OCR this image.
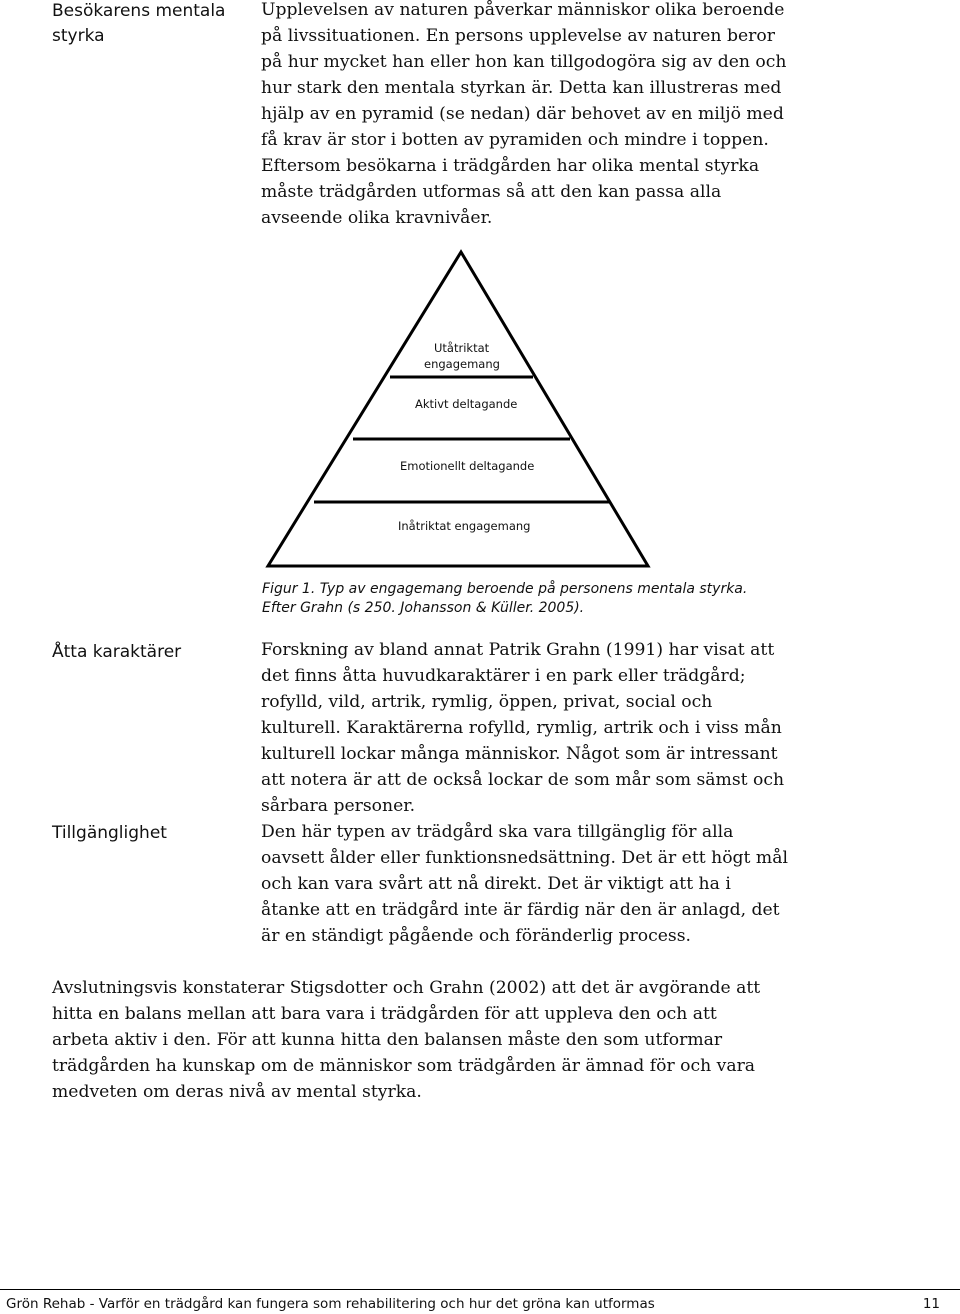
Besökarens mentala styrka

Upplevelsen av naturen påverkar människor olika beroende på livssituationen. En persons upplevelse av naturen beror på hur mycket han eller hon kan tillgodogöra sig av den och hur stark den mentala styrkan är. Detta kan illustreras med hjälp av en pyramid (se nedan) där behovet av en miljö med få krav är stor i botten av pyramiden och mindre i toppen. Eftersom besökarna i trädgården har olika mental styrka måste trädgården utformas så att den kan passa alla avseende olika kravnivåer.

Utåtriktat
engagemang
Aktivt deltagande
Emotionellt deltagande
Inåtriktat engagemang

Figur 1. Typ av engagemang beroende på personens mentala styrka.

Efter Grahn (s 250. Johansson & Küller. 2005).

Åtta karaktärer	Forskning av bland annat Patrik Grahn (1991) har visat att det finns åtta huvudkaraktärer i en park eller trädgård; rofylld, vild, artrik, rymlig, öppen, privat, social och kulturell. Karaktärerna rofylld, rymlig, artrik och i viss mån kulturell lockar många människor. Något som är intressant att notera är att de också lockar de som mår som sämst och sårbara personer.

Tillgänglighet	Den här typen av trädgård ska vara tillgänglig för alla oavsett ålder eller funktionsnedsättning. Det är ett högt mål och kan vara svårt att nå direkt. Det är viktigt att ha i åtanke att en trädgård inte är färdig när den är anlagd, det är en ständigt pågående och föränderlig process.

Avslutningsvis konstaterar Stigsdotter och Grahn (2002) att det är avgörande att hitta en balans mellan att bara vara i trädgården för att uppleva den och att arbeta aktiv i den. För att kunna hitta den balansen måste den som utformar trädgården ha kunskap om de människor som trädgården är ämnad för och vara medveten om deras nivå av mental styrka.

Grön Rehab - Varför en trädgård kan fungera som rehabilitering och hur det gröna kan utformas	11
